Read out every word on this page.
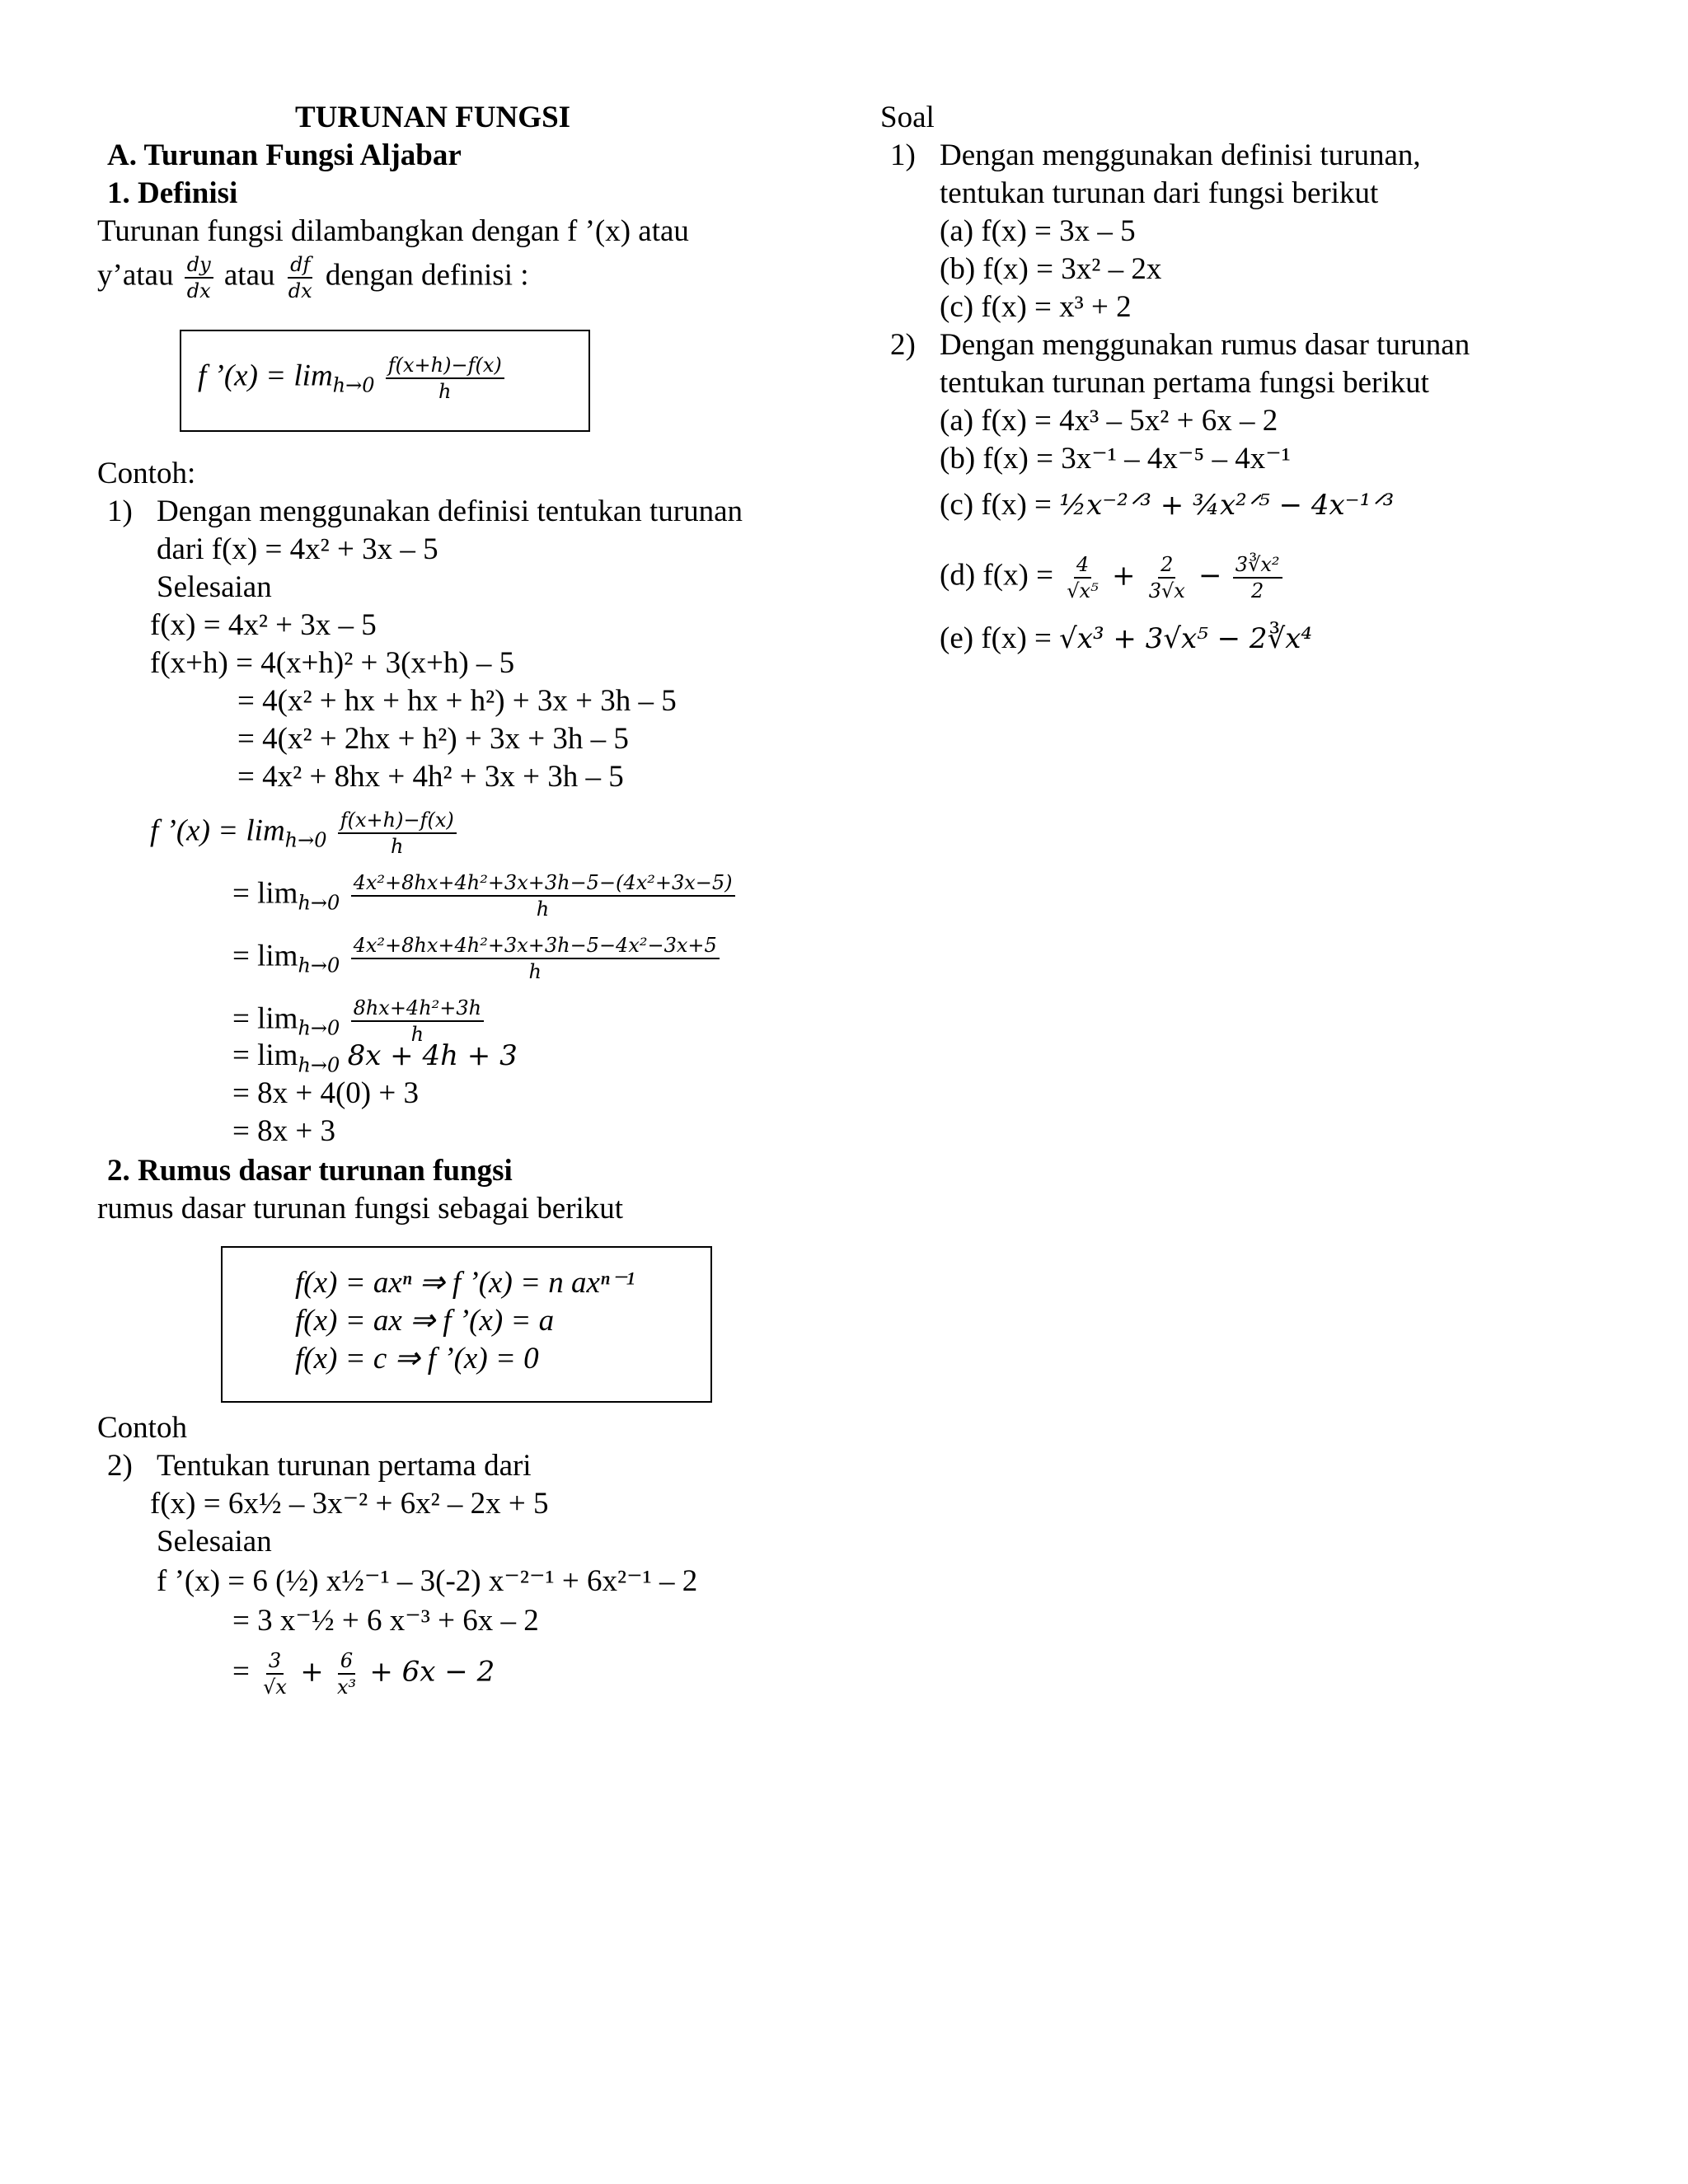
TURUNAN FUNGSI
A. Turunan Fungsi Aljabar
1. Definisi
Turunan fungsi dilambangkan dengan f ’(x) atau
y’atau $\frac{dy}{dx}$ atau $\frac{df}{dx}$ dengan definisi :
f ’(x) = $\lim_{h\to 0} \frac{f(x+h)-f(x)}{h}$
Contoh:
1) Dengan menggunakan definisi tentukan turunan
dari f(x) = 4x² + 3x – 5
Selesaian
f(x) = 4x² + 3x – 5
f(x+h) = 4(x+h)² + 3(x+h) – 5
= 4(x² + hx + hx + h²) + 3x + 3h – 5
= 4(x² + 2hx + h²) + 3x + 3h – 5
= 4x² + 8hx + 4h² + 3x + 3h – 5
f ’(x) = $\lim_{h\to 0} \frac{f(x+h)-f(x)}{h}$
= $\lim_{h\to 0} \frac{\text{4x²+8hx+4h²+3x+3h−5−(4x²+3x−5)}}{h}$
= $\lim_{h\to 0} \frac{\text{4x²+8hx+4h²+3x+3h−5−4x²−3x+5}}{h}$
= $\lim_{h\to 0} \frac{\text{8hx+4h²+3h}}{h}$
= $\lim_{h\to 0} 8x + 4h + 3$
= 8x + 4(0) + 3
= 8x + 3
2. Rumus dasar turunan fungsi
rumus dasar turunan fungsi sebagai berikut
f(x) = axⁿ ⇒ f ’(x) = n axⁿ⁻¹
f(x) = ax ⇒ f ’(x) = a
f(x) = c ⇒ f ’(x) = 0
Contoh
2) Tentukan turunan pertama dari
f(x) = 6x½ – 3x⁻² + 6x² – 2x + 5
Selesaian
f ’(x) = 6 (½) x½⁻¹ – 3(-2) x⁻²⁻¹ + 6x²⁻¹ – 2
= 3 x⁻½ + 6 x⁻³ + 6x – 2
= $\frac{3}{√x} + \frac{6}{\text{x³}} + 6x - 2$
Soal
1) Dengan menggunakan definisi turunan,
tentukan turunan dari fungsi berikut
(a) f(x) = 3x – 5
(b) f(x) = 3x² – 2x
(c) f(x) = x³ + 2
2) Dengan menggunakan rumus dasar turunan
tentukan turunan pertama fungsi berikut
(a) f(x) = 4x³ – 5x² + 6x – 2
(b) f(x) = 3x⁻¹ – 4x⁻⁵ – 4x⁻¹
(c) f(x) = ½x⁻²ᐟ³ + ¾x²ᐟ⁵ − 4x⁻¹ᐟ³
(d) $f(x) = \frac{4}{\text{√x⁵}} + \frac{2}{3√x} - \frac{\text{3∛x²}}{2}$
(e) f(x) = √x³ + 3√x⁵ − 2∛x⁴
